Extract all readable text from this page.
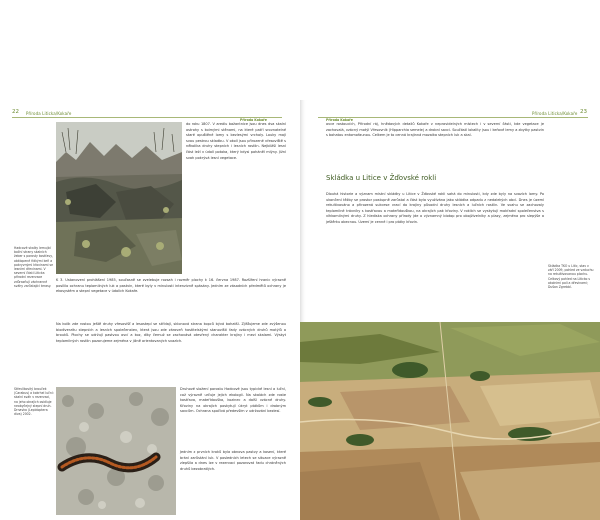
22 Příroda Liticka/Kokaře
Příroda Kokaře
Hadcové skalky lemující boční strany skalních žeber s porosty kostřavy, obklopené řídkými keři a pokryvnými křovinami se lesními dřevinami. V severní části Liticka přírodní rezervace zdůrazňují záchranné sváhy zarůstající terasy.
do roku 1807. V areálu bažantnice jsou dnes dva skalní ostrohy s kolmými stěnami, na které patří srovnatelné staré opuštěné lomy s bezlesými vrcholy. Louky mají svou pestrou skladbu. V okolí jsou přirozené vřesoviště s několika druhy stepních i lesních rostlin. Nejbližší lesní část leží v údolí potoka, který kdysi poháněl mlýny. Jižní svah pokrývá lesní vegetace.
K 3. Ustanovení prohlášení 1985, současně se zvelebuje rozsah i rozměr plochy k 16. června 1987. Rozšíření hranic výrazně posílilo ochranu teplomilných luk a pastvin, které byly v minulosti intenzivně spásány. Jedním ze zásadních předmětů ochrany je ekosystém a stepní vegetace v údolích Kokaře.
Na kolik zde rostou ještě druhy vřesovišť a lesostepí se střídají, sklonová strana kopců bývá bohatší. Zjišťujeme zde zvýšenou biodiverzitu stepních a lesních společenstev, která jsou zde zároveň hostitelskými stanovišti řady vzácných druhů motýlů a brouků. Plochy se udržují pastvou ovcí a koz, díky čemuž se zachovává otevřený charakter krajiny i mezi skalami. Výskyt teplomilných rostlin pozorujeme zejména v jižně orientovaných svazích.
Střevlíkovitý brouček (Carabus) a kokrhel luční: skalní sváh v rezervaci, na jeho okrajích osidluje neobyčejný stepní druh. Drnavka (Lepidoptera diva) 2002.
Druhové složení porostu Hadcové jsou typické lesní a luční, což výrazně určuje jejich ekologii. Na skalách zde roste kostřava, mateřídouška, kozinec a další vzácné druhy. Křoviny na okrajích poskytují úkryt ptákům i drobným savcům. Ochrana spočívá především v udržování bezlesí.
Jedním z prvních kroků byla obnova pastvy a kosení, které brání zarůstání luk. V posledních letech se situace výrazně zlepšila a dnes lze v rezervaci pozorovat řadu chráněných druhů bezobratlých.
Příroda Kokaře
Příroda Liticka/Kokaře 23
ovce rostoucích, Přírodní ráj, hnědavých detailů Kokaře v nepravidelných místech i v severní části, kde vegetace je zachovalá, vzácný motýl Vřesovník (Hipparchia semele) a drobní savci. Součástí lokality jsou i keřové lemy a zbytky pastvin s bohatou entomofaunou. Celkem je to cenná krajinná mozaika stepních luk a skal.
Skládka u Litice v Žďovské rokli
Dlouhá historie a význam místní skládky u Litice v Žďovské rokli sahá do minulosti, kdy zde byly na svazích lomy. Po ukončení těžby se prostor postupně zarůstal a část byla využívána jako skládka odpadu z nedalekých obcí. Dnes je území rekultivováno a přirozená sukcese vrací do krajiny původní druhy lesních a lučních rostlin. Ve svahu se zachovaly teplomilné trávníky s kostřavou a mateřídouškou, na okrajích pak křoviny. V roklích se vyskytují mokřadní společenstva s vlhkomilnými druhy. Z hlediska ochrany přírody jde o významný biotop pro obojživelníky a plazy, zejména pro slepýše a ještěrku obecnou. Území je cenné i pro ptáky křovin.
Skládka TKO u Litic, stav v září 2009, pohled ze vzduchu na rekultivovanou plochu. Celkový pohled na Liticko s okolními poli a dřevinami; Dušan Zgrebbl.
